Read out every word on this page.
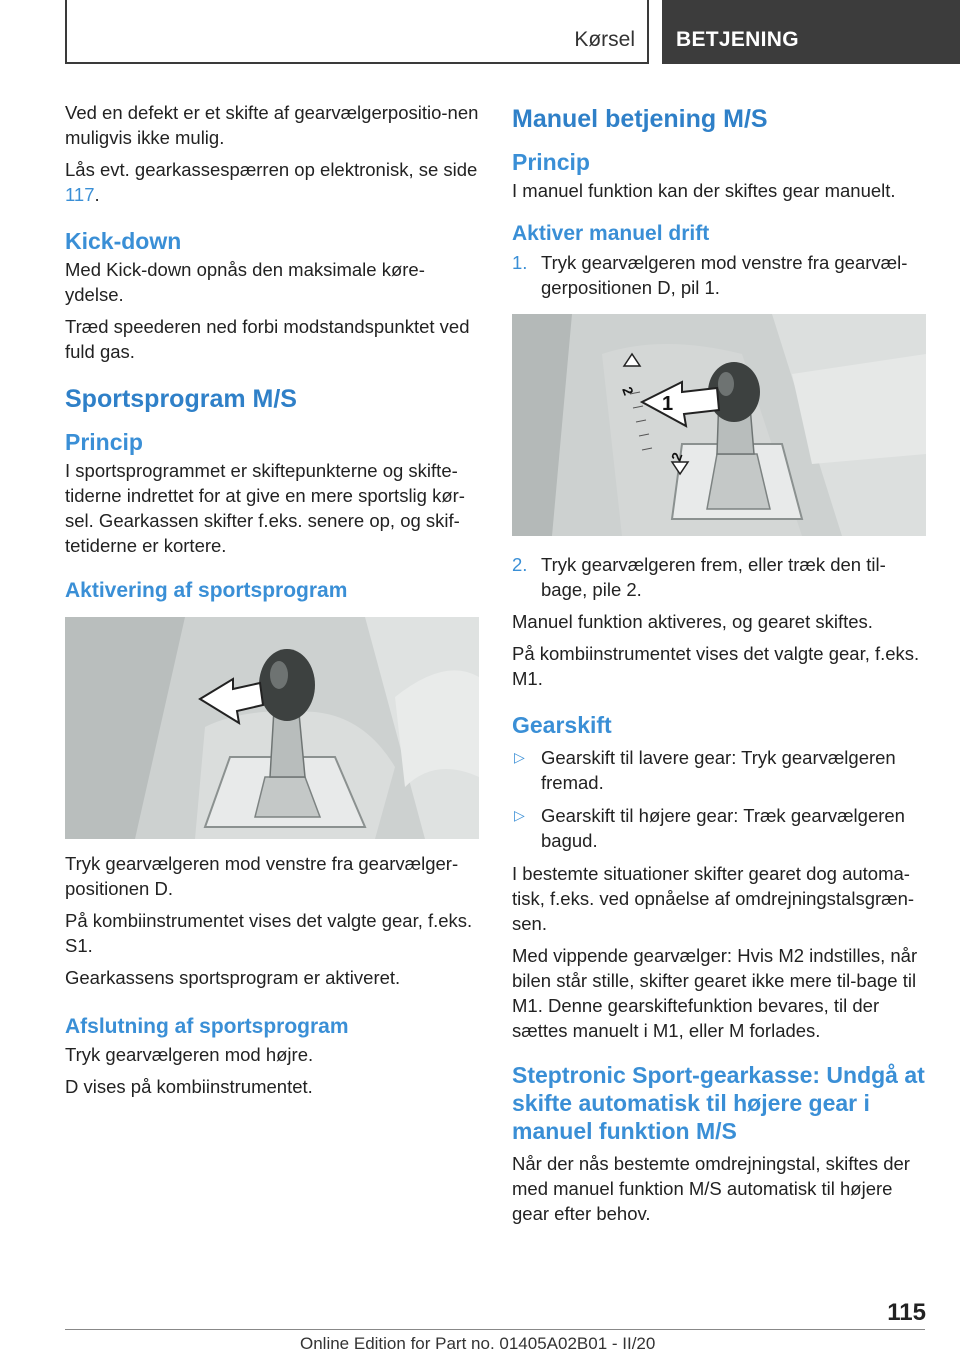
Kørsel BETJENING

Ved en defekt er et skifte af gearvælgerpositio-nen muligvis ikke mulig.

Lås evt. gearkassespærren op elektronisk, se side 117.

Kick-down

Med Kick-down opnås den maksimale køre-ydelse.

Træd speederen ned forbi modstandspunktet ved fuld gas.

Sportsprogram M/S
Princip

I sportsprogrammet er skiftepunkterne og skifte-tiderne indrettet for at give en mere sportslig kør-sel. Gearkassen skifter f.eks. senere op, og skif-tetiderne er kortere.

Aktivering af sportsprogram

Tryk gearvælgeren mod venstre fra gearvælger-positionen D.

På kombiinstrumentet vises det valgte gear, f.eks. S1.

Gearkassens sportsprogram er aktiveret.

Afslutning af sportsprogram

Tryk gearvælgeren mod højre.

D vises på kombiinstrumentet.

Manuel betjening M/S
Princip

I manuel funktion kan der skiftes gear manuelt.

Aktiver manuel drift
1. Tryk gearvælgeren mod venstre fra gearvæl-gerpositionen D, pil 1.
1
2
2
2. Tryk gearvælgeren frem, eller træk den til-bage, pile 2.

Manuel funktion aktiveres, og gearet skiftes.

På kombiinstrumentet vises det valgte gear, f.eks. M1.

Gearskift
▷ Gearskift til lavere gear: Tryk gearvælgeren fremad.
▷ Gearskift til højere gear: Træk gearvælgeren bagud.

I bestemte situationer skifter gearet dog automa-tisk, f.eks. ved opnåelse af omdrejningstalsgræn-sen.

Med vippende gearvælger: Hvis M2 indstilles, når bilen står stille, skifter gearet ikke mere til-bage til M1. Denne gearskiftefunktion bevares, til der sættes manuelt i M1, eller M forlades.

Steptronic Sport-gearkasse: Undgå at skifte automatisk til højere gear i manuel funktion M/S

Når der nås bestemte omdrejningstal, skiftes der med manuel funktion M/S automatisk til højere gear efter behov.

115
Online Edition for Part no. 01405A02B01 - II/20
